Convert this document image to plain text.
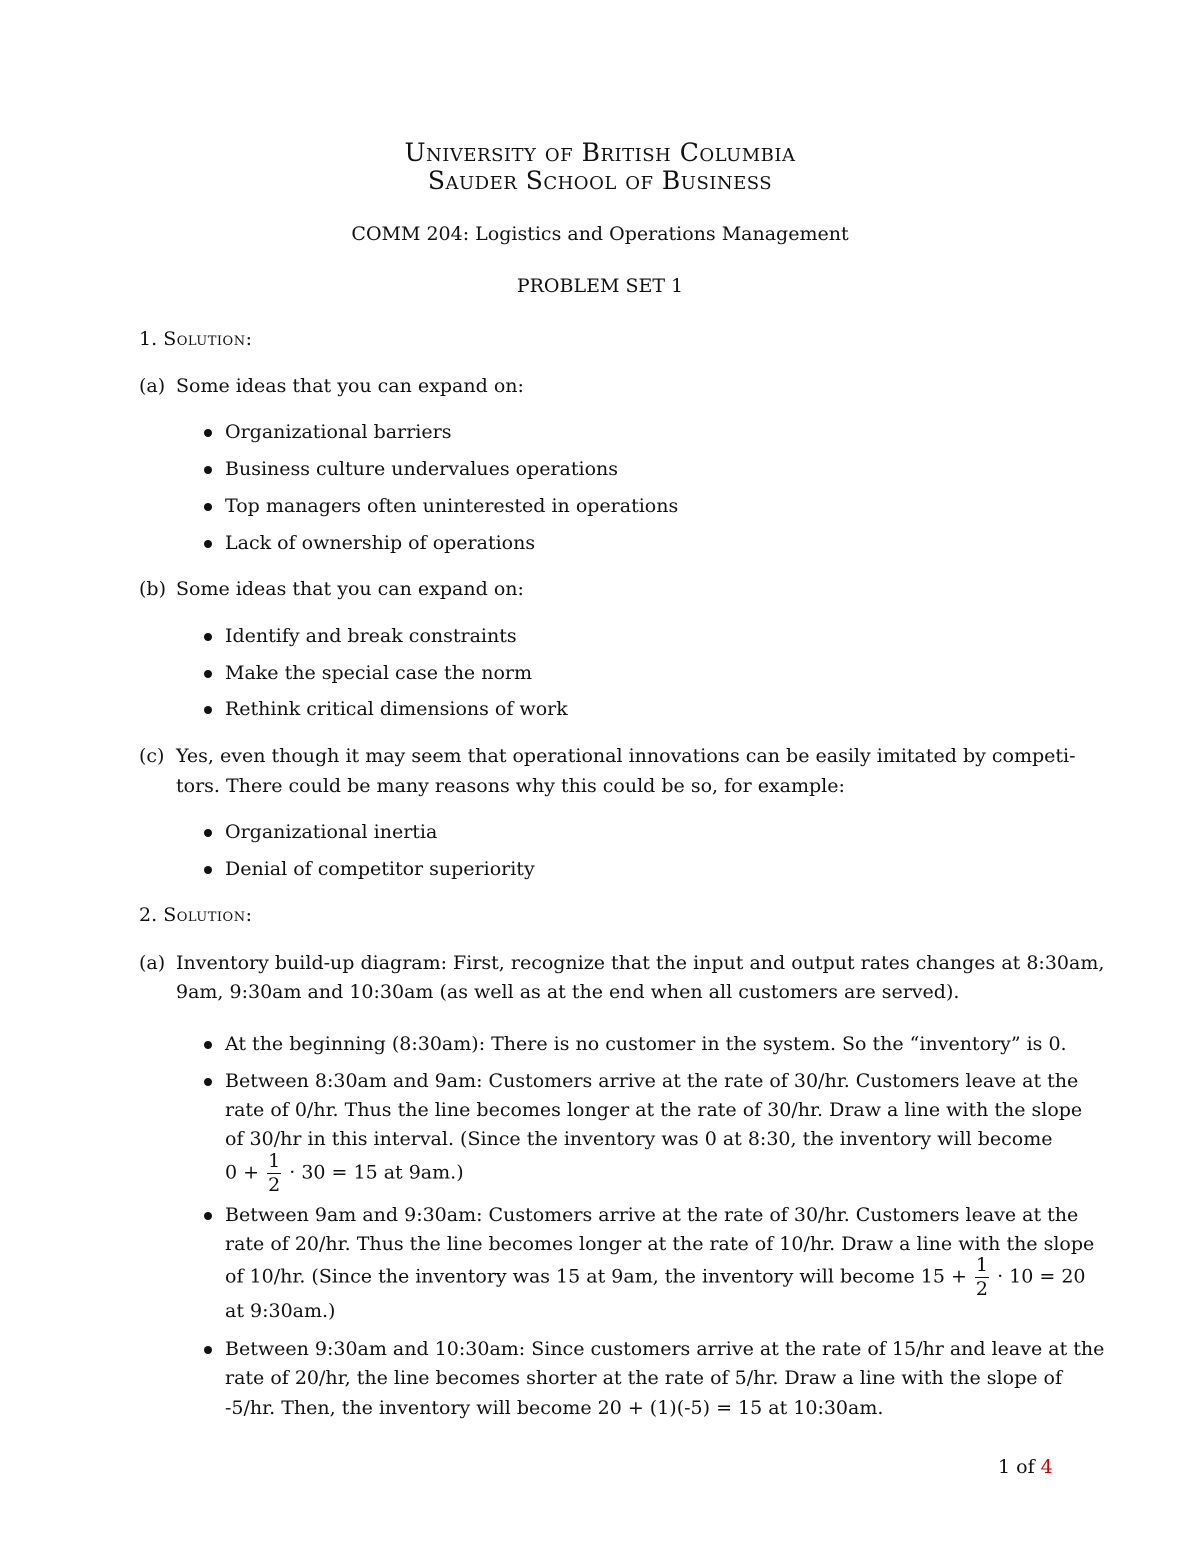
University of British Columbia
Sauder School of Business
COMM 204: Logistics and Operations Management
PROBLEM SET 1
1. Solution:
(a) Some ideas that you can expand on:
Organizational barriers
Business culture undervalues operations
Top managers often uninterested in operations
Lack of ownership of operations
(b) Some ideas that you can expand on:
Identify and break constraints
Make the special case the norm
Rethink critical dimensions of work
(c) Yes, even though it may seem that operational innovations can be easily imitated by competi-
tors. There could be many reasons why this could be so, for example:
Organizational inertia
Denial of competitor superiority
2. Solution:
(a) Inventory build-up diagram: First, recognize that the input and output rates changes at 8:30am,
9am, 9:30am and 10:30am (as well as at the end when all customers are served).
At the beginning (8:30am): There is no customer in the system. So the “inventory” is 0.
Between 8:30am and 9am: Customers arrive at the rate of 30/hr. Customers leave at the
rate of 0/hr. Thus the line becomes longer at the rate of 30/hr. Draw a line with the slope
of 30/hr in this interval. (Since the inventory was 0 at 8:30, the inventory will become
$0 + \frac{1}{2} \cdot 30 = 15$ at 9am.)
Between 9am and 9:30am: Customers arrive at the rate of 30/hr. Customers leave at the
rate of 20/hr. Thus the line becomes longer at the rate of 10/hr. Draw a line with the slope
of 10/hr. (Since the inventory was 15 at 9am, the inventory will become $15 + \frac{1}{2} \cdot 10 = 20$
at 9:30am.)
Between 9:30am and 10:30am: Since customers arrive at the rate of 15/hr and leave at the
rate of 20/hr, the line becomes shorter at the rate of 5/hr. Draw a line with the slope of
-5/hr. Then, the inventory will become 20 + (1)(-5) = 15 at 10:30am.
1 of 4
